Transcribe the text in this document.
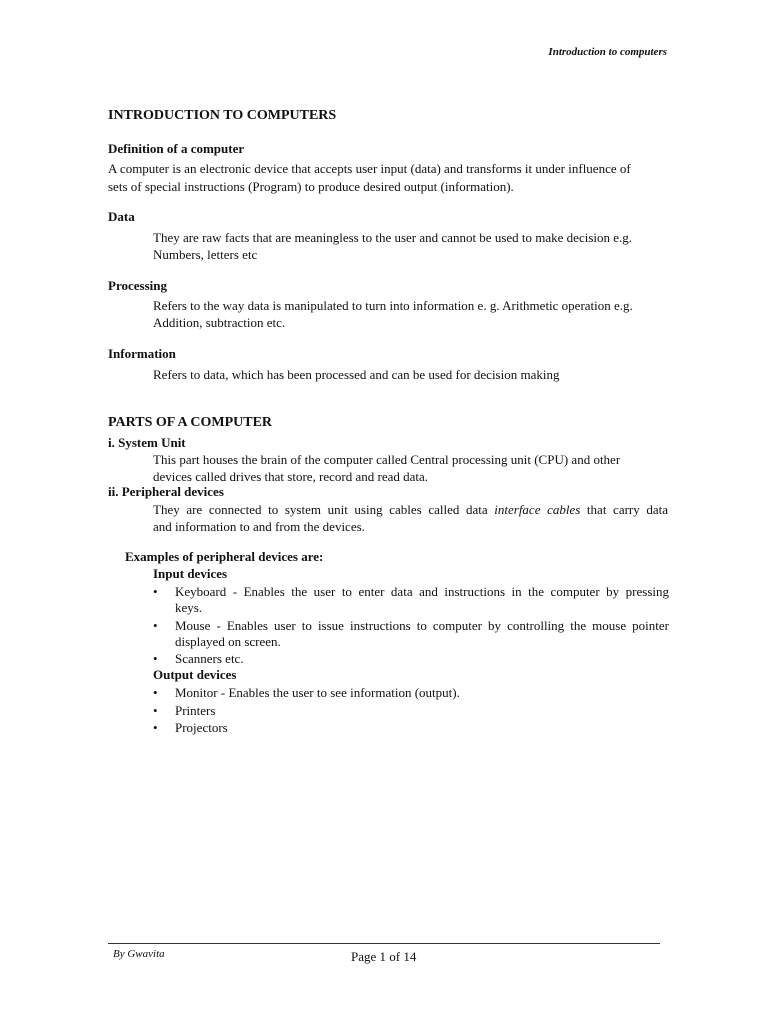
Introduction to computers
INTRODUCTION TO COMPUTERS
Definition of a computer
A computer is an electronic device that accepts user input (data) and transforms it under influence of
sets of special instructions (Program) to produce desired output (information).
Data
They are raw facts that are meaningless to the user and cannot be used to make decision e.g.
Numbers, letters etc
Processing
Refers to the way data is manipulated to turn into information e. g. Arithmetic operation e.g.
Addition, subtraction etc.
Information
Refers to data, which has been processed and can be used for decision making
PARTS OF A COMPUTER
i. System Unit
This part houses the brain of the computer called Central processing unit (CPU) and other
devices called drives that store, record and read data.
ii. Peripheral devices
They are connected to system unit using cables called data interface cables that carry data
and information to and from the devices.
Examples of peripheral devices are:
Input devices
•	Keyboard - Enables the user to enter data and instructions in the computer by pressing
keys.
•	Mouse - Enables user to issue instructions to computer by controlling the mouse pointer
displayed on screen.
•	Scanners etc.
Output devices
•	Monitor - Enables the user to see information (output).
•	Printers
•	Projectors
By Gwavita	Page 1 of 14
